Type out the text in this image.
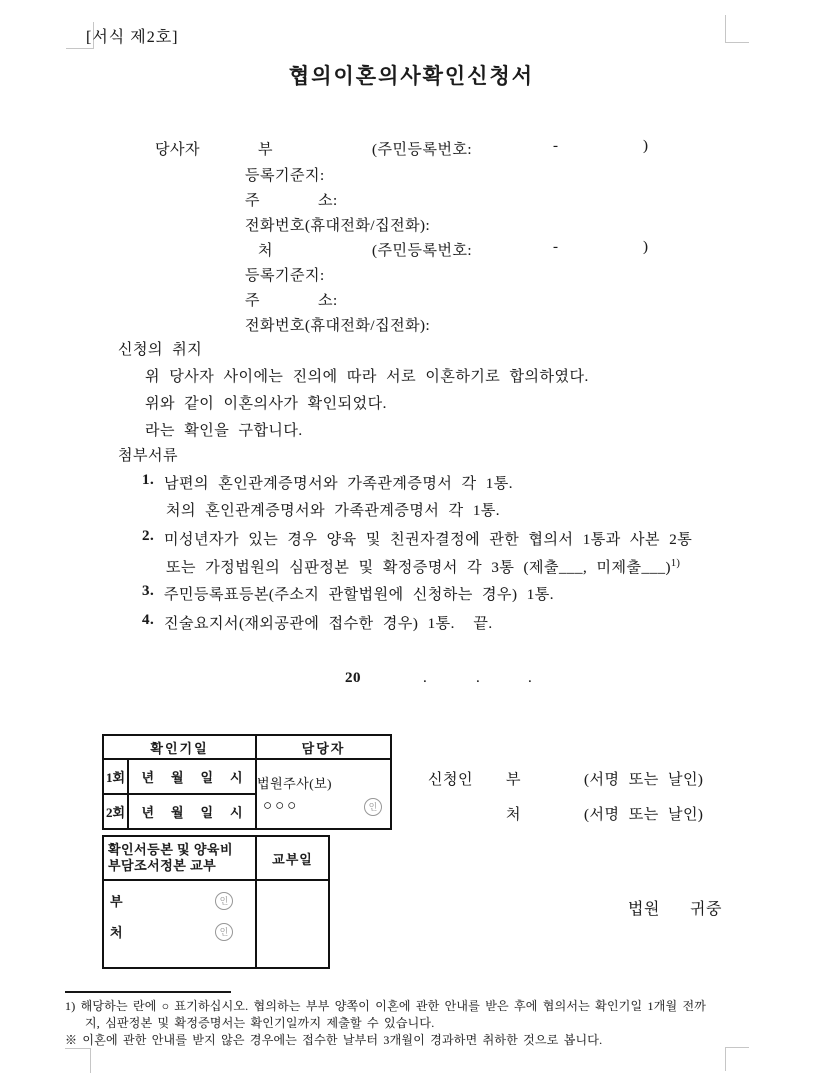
[서식 제2호]
협의이혼의사확인신청서
당사자	부	(주민등록번호:	-	)
등록기준지:
주	소:
전화번호(휴대전화/집전화):
처	(주민등록번호:	-	)
등록기준지:
주	소:
전화번호(휴대전화/집전화):
신청의 취지
위 당사자 사이에는 진의에 따라 서로 이혼하기로 합의하였다.
위와 같이 이혼의사가 확인되었다.
라는 확인을 구합니다.
첨부서류
1. 남편의 혼인관계증명서와 가족관계증명서 각 1통.
처의 혼인관계증명서와 가족관계증명서 각 1통.
2. 미성년자가 있는 경우 양육 및 친권자결정에 관한 협의서 1통과 사본 2통
또는 가정법원의 심판정본 및 확정증명서 각 3통 (제출___, 미제출___)$^{1)}$
3. 주민등록표등본(주소지 관할법원에 신청하는 경우) 1통.
4. 진술요지서(재외공관에 접수한 경우) 1통.  끝.
20	.	.	.
확인기일		담당자
1회	년 월 일 시	법원주사(보)
○○○	인

2회	년 월 일 시	
확인서등본 및 양육비
부담조서정본 교부	교부일

부 인
처 인	

신청인 부	(서명 또는 날인)
처	(서명 또는 날인)
법원 귀중
1) 해당하는 란에 ○ 표기하십시오. 협의하는 부부 양쪽이 이혼에 관한 안내를 받은 후에 협의서는 확인기일 1개월 전까
지, 심판정본 및 확정증명서는 확인기일까지 제출할 수 있습니다.
※ 이혼에 관한 안내를 받지 않은 경우에는 접수한 날부터 3개월이 경과하면 취하한 것으로 봅니다.
